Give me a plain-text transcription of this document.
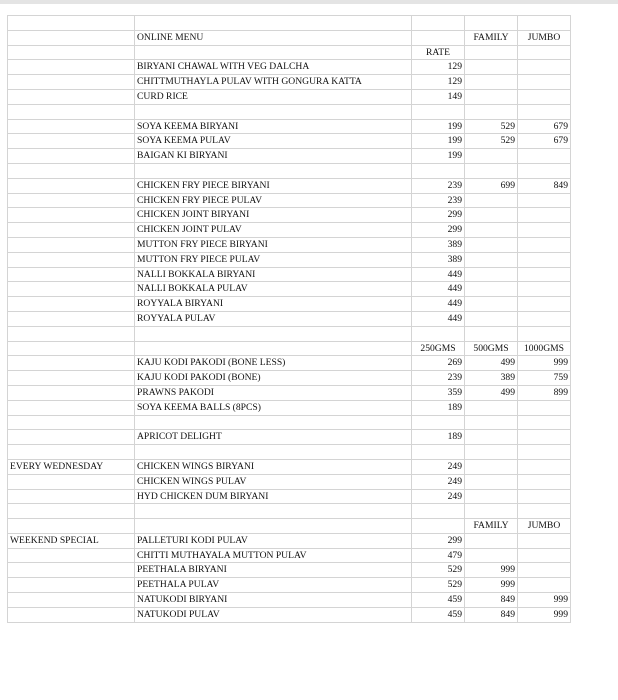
	ONLINE MENU		FAMILY	JUMBO
		RATE		
	BIRYANI CHAWAL WITH VEG DALCHA	129		
	CHITTMUTHAYLA PULAV WITH GONGURA KATTA	129		
	CURD RICE	149		

	SOYA KEEMA BIRYANI	199	529	679
	SOYA KEEMA PULAV	199	529	679
	BAIGAN KI BIRYANI	199		

	CHICKEN FRY PIECE BIRYANI	239	699	849
	CHICKEN FRY PIECE PULAV	239		
	CHICKEN JOINT BIRYANI	299		
	CHICKEN JOINT PULAV	299		
	MUTTON FRY PIECE BIRYANI	389		
	MUTTON FRY PIECE PULAV	389		
	NALLI BOKKALA BIRYANI	449		
	NALLI BOKKALA PULAV	449		
	ROYYALA BIRYANI	449		
	ROYYALA PULAV	449		

		250GMS	500GMS	1000GMS
	KAJU KODI PAKODI (BONE LESS)	269	499	999
	KAJU KODI PAKODI (BONE)	239	389	759
	PRAWNS PAKODI	359	499	899
	SOYA KEEMA BALLS (8PCS)	189		

	APRICOT DELIGHT	189		

EVERY WEDNESDAY	CHICKEN WINGS BIRYANI	249		
	CHICKEN WINGS PULAV	249		
	HYD CHICKEN DUM BIRYANI	249		

			FAMILY	JUMBO
WEEKEND SPECIAL	PALLETURI KODI PULAV	299		
	CHITTI MUTHAYALA MUTTON PULAV	479		
	PEETHALA BIRYANI	529	999	
	PEETHALA PULAV	529	999	
	NATUKODI BIRYANI	459	849	999
	NATUKODI PULAV	459	849	999
